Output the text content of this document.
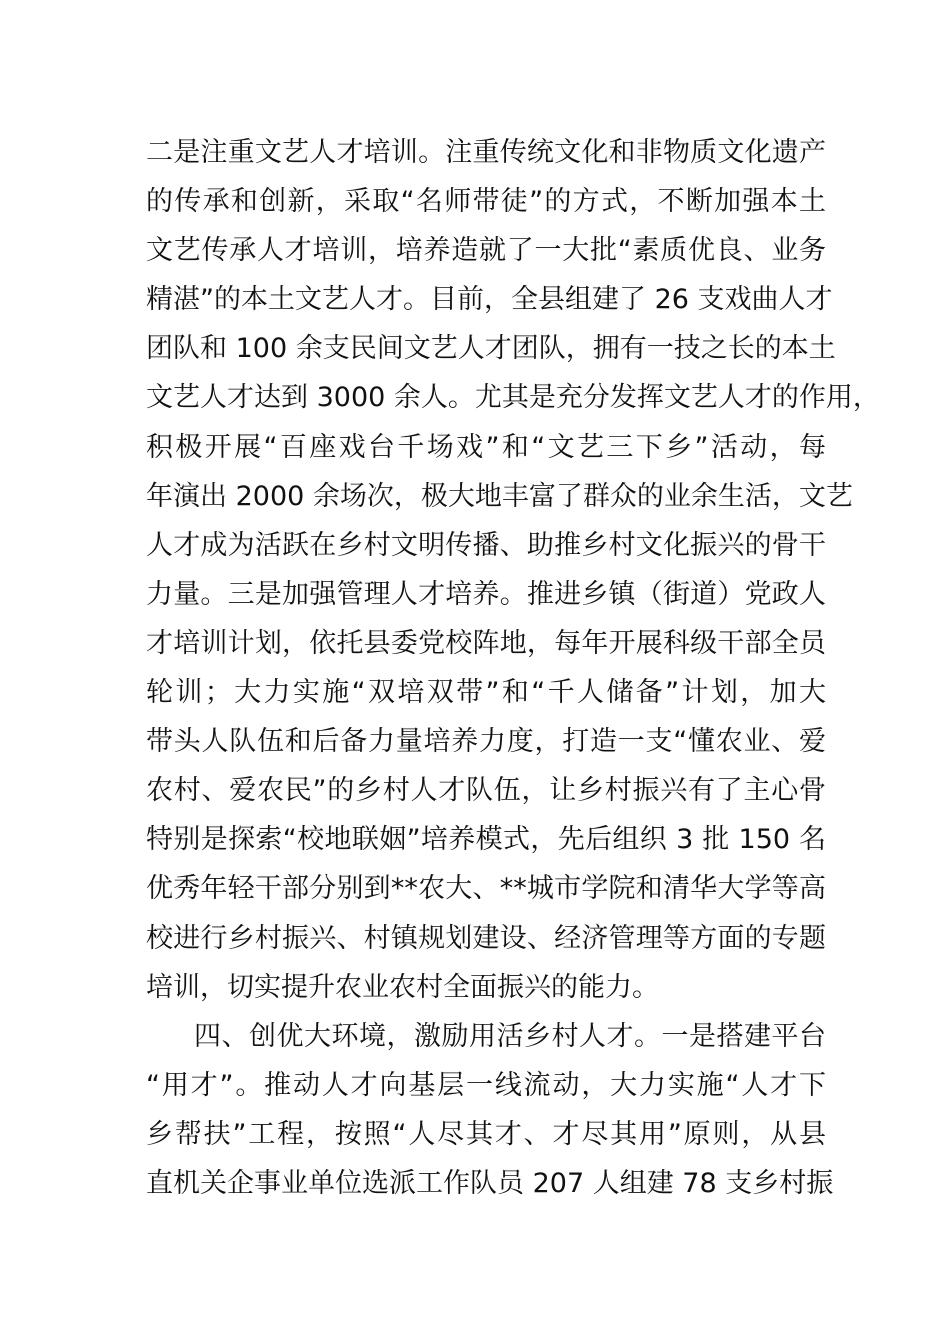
二是注重文艺人才培训。注重传统文化和非物质文化遗产
的传承和创新，采取“名师带徒”的方式，不断加强本土
文艺传承人才培训，培养造就了一大批“素质优良、业务
精湛”的本土文艺人才。目前，全县组建了 26 支戏曲人才
团队和 100 余支民间文艺人才团队，拥有一技之长的本土
文艺人才达到 3000 余人。尤其是充分发挥文艺人才的作用，
积极开展“百座戏台千场戏”和“文艺三下乡”活动，每
年演出 2000 余场次，极大地丰富了群众的业余生活，文艺
人才成为活跃在乡村文明传播、助推乡村文化振兴的骨干
力量。三是加强管理人才培养。推进乡镇（街道）党政人
才培训计划，依托县委党校阵地，每年开展科级干部全员
轮训；大力实施“双培双带”和“千人储备”计划，加大
带头人队伍和后备力量培养力度，打造一支“懂农业、爱
农村、爱农民”的乡村人才队伍，让乡村振兴有了主心骨
特别是探索“校地联姻”培养模式，先后组织 3 批 150 名
优秀年轻干部分别到**农大、**城市学院和清华大学等高
校进行乡村振兴、村镇规划建设、经济管理等方面的专题
培训，切实提升农业农村全面振兴的能力。
四、创优大环境，激励用活乡村人才。一是搭建平台
“用才”。推动人才向基层一线流动，大力实施“人才下
乡帮扶”工程，按照“人尽其才、才尽其用”原则，从县
直机关企事业单位选派工作队员 207 人组建 78 支乡村振
